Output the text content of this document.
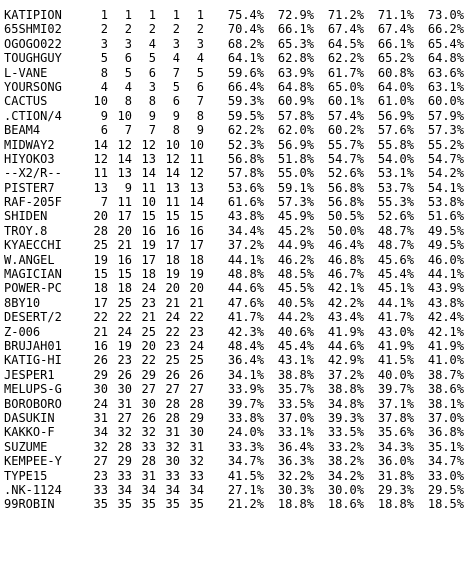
KATIPION	1	1	1	1	1	75.4%	72.9%	71.2%	71.1%	73.0%
65SHMI02	2	2	2	2	2	70.4%	66.1%	67.4%	67.4%	66.2%
OGOGO022	3	3	4	3	3	68.2%	65.3%	64.5%	66.1%	65.4%
TOUGHGUY	5	6	5	4	4	64.1%	62.8%	62.2%	65.2%	64.8%
L-VANE	8	5	6	7	5	59.6%	63.9%	61.7%	60.8%	63.6%
YOURSONG	4	4	3	5	6	66.4%	64.8%	65.0%	64.0%	63.1%
CACTUS	10	8	8	6	7	59.3%	60.9%	60.1%	61.0%	60.0%
.CTION/4	9 10	9	9	8	59.5%	57.8%	57.4%	56.9%	57.9%
BEAM4	6	7	7	8	9	62.2%	62.0%	60.2%	57.6%	57.3%
MIDWAY2	14 12 12 10 10	52.3%	56.9%	55.7%	55.8%	55.2%
HIYOKO3	12 14 13 12 11	56.8%	51.8%	54.7%	54.0%	54.7%
--X2/R--	11 13 14 14 12	57.8%	55.0%	52.6%	53.1%	54.2%
PISTER7	13	9 11 13 13	53.6%	59.1%	56.8%	53.7%	54.1%
RAF-205F	7 11 10 11 14	61.6%	57.3%	56.8%	55.3%	53.8%
SHIDEN	20 17 15 15 15	43.8%	45.9%	50.5%	52.6%	51.6%
TROY.8	28 20 16 16 16	34.4%	45.2%	50.0%	48.7%	49.5%
KYAECCHI	25 21 19 17 17	37.2%	44.9%	46.4%	48.7%	49.5%
W.ANGEL	19 16 17 18 18	44.1%	46.2%	46.8%	45.6%	46.0%
MAGICIAN	15 15 18 19 19	48.8%	48.5%	46.7%	45.4%	44.1%
POWER-PC	18 18 24 20 20	44.6%	45.5%	42.1%	45.1%	43.9%
8BY10	17 25 23 21 21	47.6%	40.5%	42.2%	44.1%	43.8%
DESERT/2	22 22 21 24 22	41.7%	44.2%	43.4%	41.7%	42.4%
Z-006	21 24 25 22 23	42.3%	40.6%	41.9%	43.0%	42.1%
BRUJAH01	16 19 20 23 24	48.4%	45.4%	44.6%	41.9%	41.9%
KATIG-HI	26 23 22 25 25	36.4%	43.1%	42.9%	41.5%	41.0%
JESPER1	29 26 29 26 26	34.1%	38.8%	37.2%	40.0%	38.7%
MELUPS-G	30 30 27 27 27	33.9%	35.7%	38.8%	39.7%	38.6%
BOROBORO	24 31 30 28 28	39.7%	33.5%	34.8%	37.1%	38.1%
DASUKIN	31 27 26 28 29	33.8%	37.0%	39.3%	37.8%	37.0%
KAKKO-F	34 32 32 31 30	24.0%	33.1%	33.5%	35.6%	36.8%
SUZUME	32 28 33 32 31	33.3%	36.4%	33.2%	34.3%	35.1%
KEMPEE-Y	27 29 28 30 32	34.7%	36.3%	38.2%	36.0%	34.7%
TYPE15	23 33 31 33 33	41.5%	32.2%	34.2%	31.8%	33.0%
.NK-1124	33 34 34 34 34	27.1%	30.3%	30.0%	29.3%	29.5%
99ROBIN	35 35 35 35 35	21.2%	18.8%	18.6%	18.8%	18.5%
